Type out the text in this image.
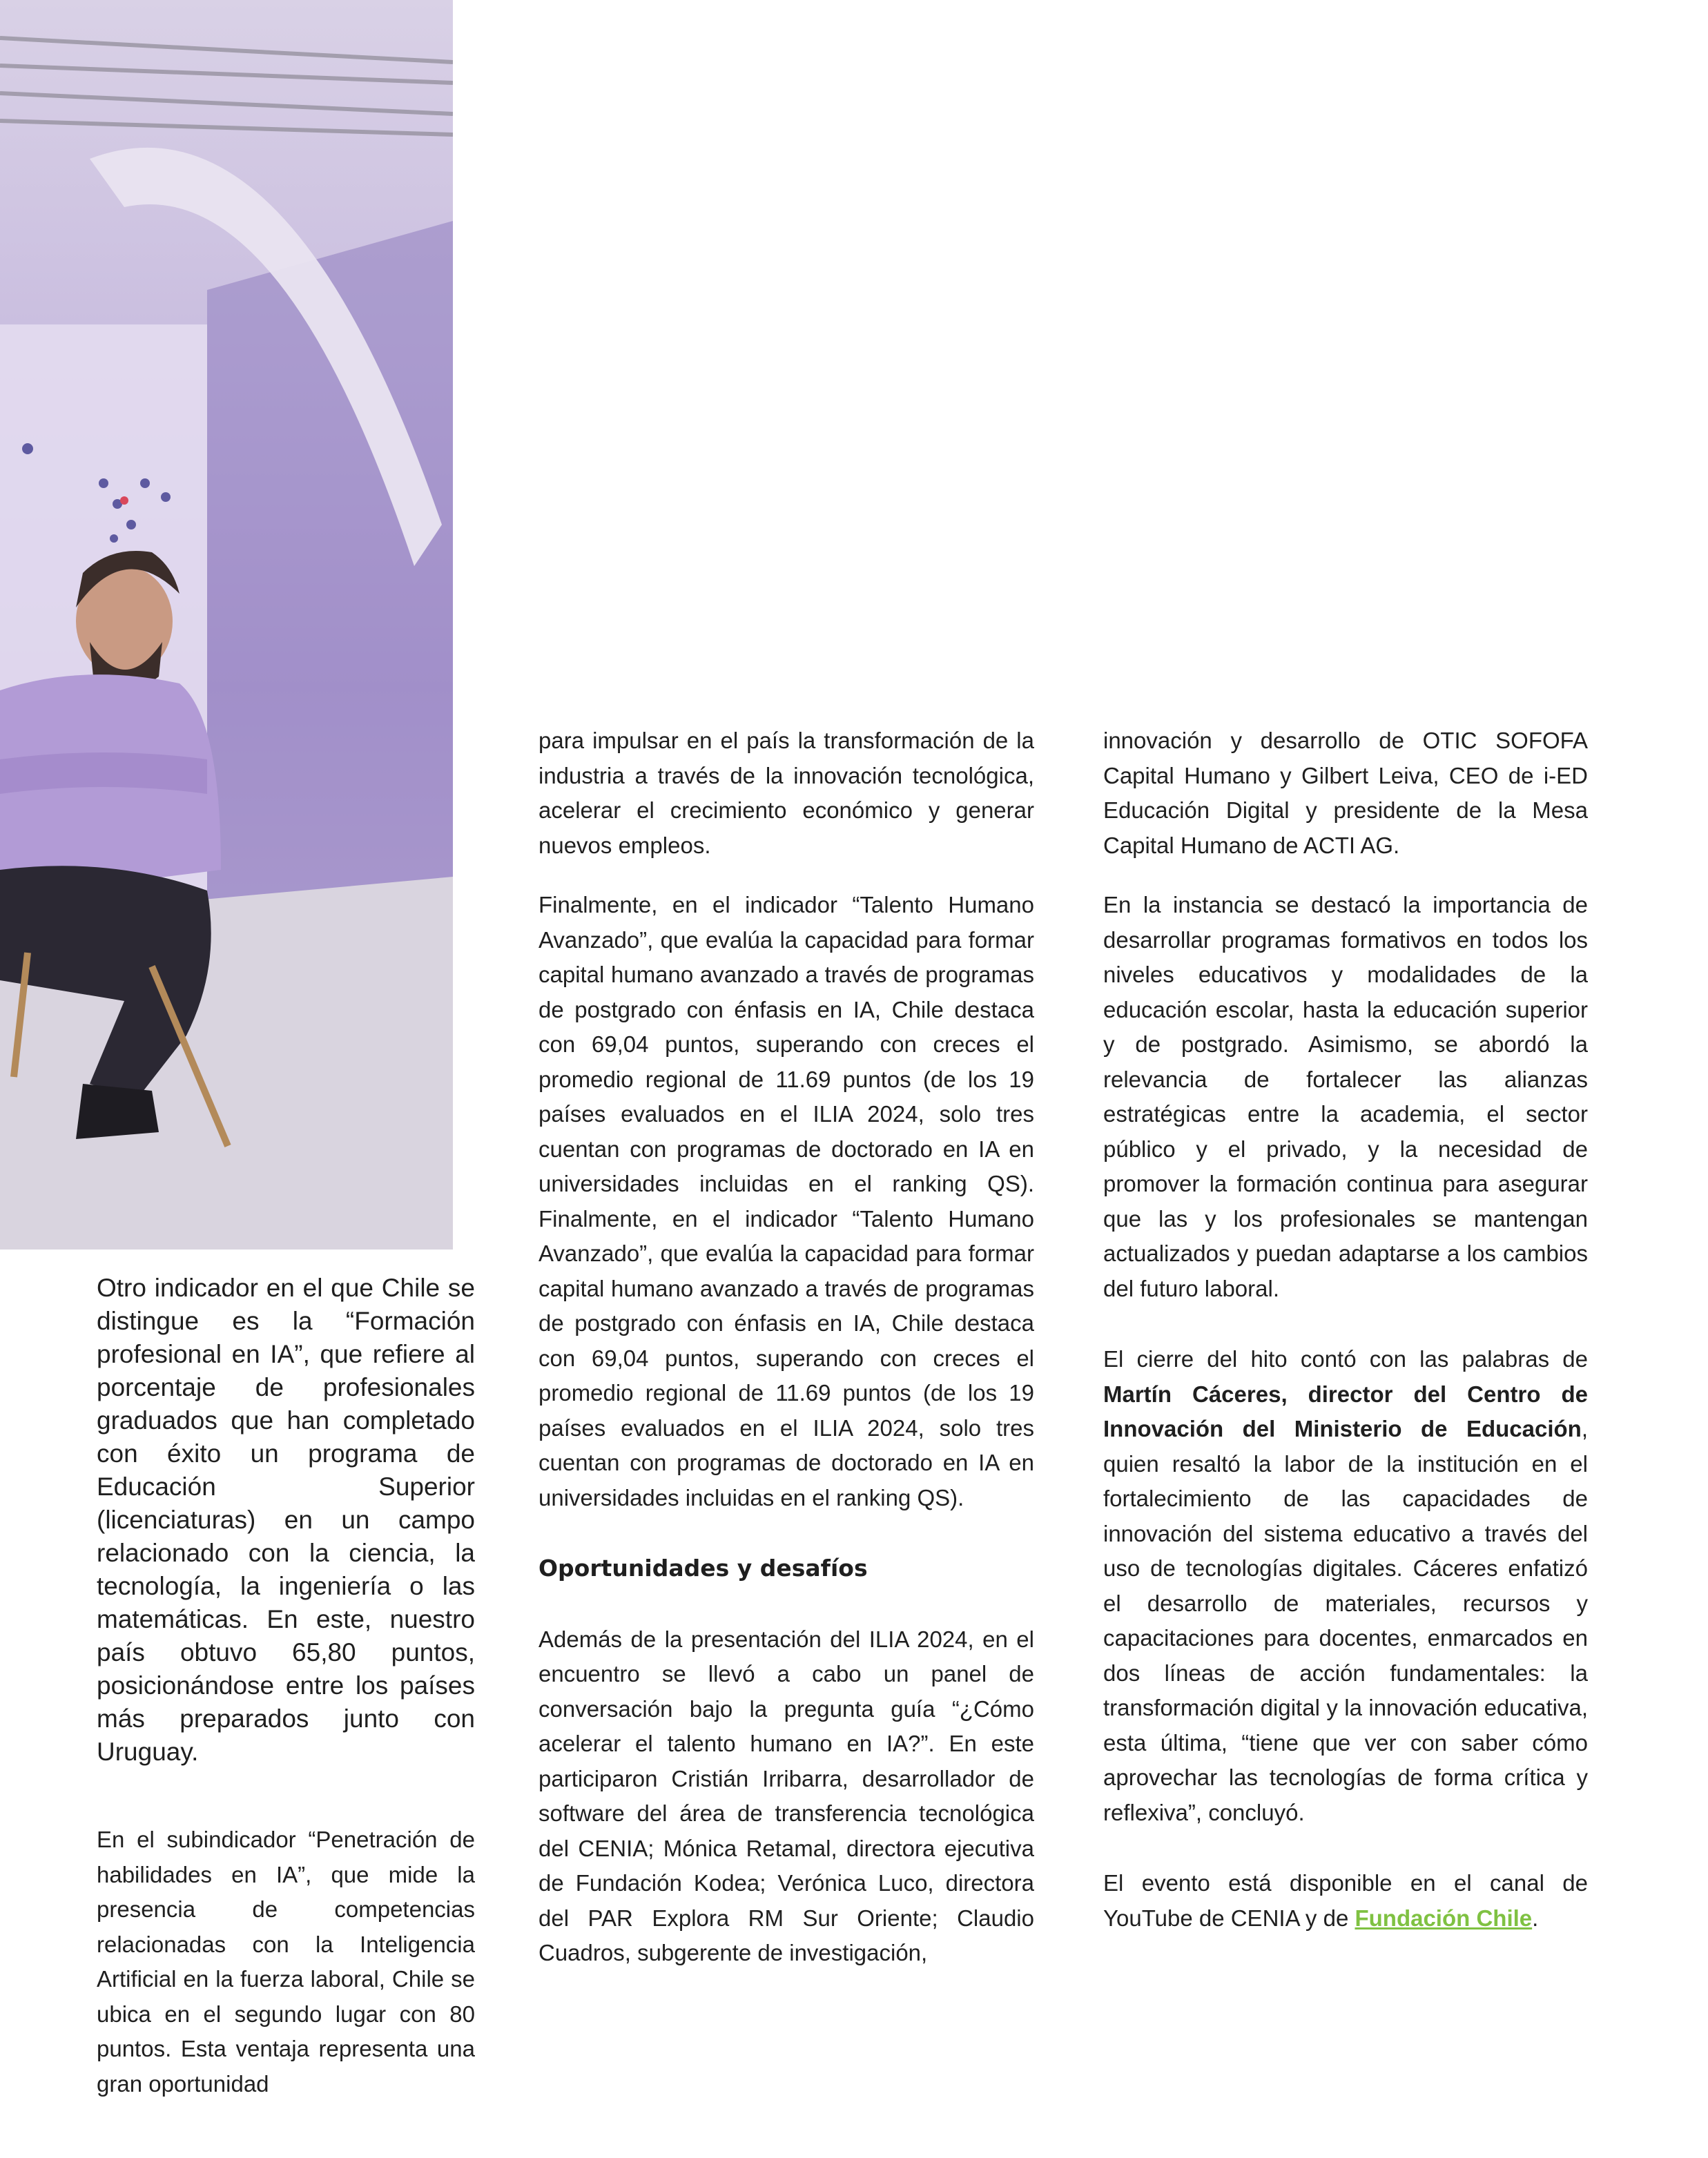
Otro indicador en el que Chile se distingue es la “Formación profesional en IA”, que refiere al porcentaje de profesionales graduados que han completado con éxito un programa de Educación Superior (licenciaturas) en un campo relacionado con la ciencia, la tecnología, la ingeniería o las matemáticas. En este, nuestro país obtuvo 65,80 puntos, posicionándose entre los países más preparados junto con Uruguay.

En el subindicador “Penetración de habilidades en IA”, que mide la presencia de competencias relacionadas con la Inteligencia Artificial en la fuerza laboral, Chile se ubica en el segundo lugar con 80 puntos. Esta ventaja representa una gran oportunidad

para impulsar en el país la transformación de la industria a través de la innovación tecnológica, acelerar el crecimiento económico y generar nuevos empleos.

Finalmente, en el indicador “Talento Humano Avanzado”, que evalúa la capacidad para formar capital humano avanzado a través de programas de postgrado con énfasis en IA, Chile destaca con 69,04 puntos, superando con creces el promedio regional de 11.69 puntos (de los 19 países evaluados en el ILIA 2024, solo tres cuentan con programas de doctorado en IA en universidades incluidas en el ranking QS). Finalmente, en el indicador “Talento Humano Avanzado”, que evalúa la capacidad para formar capital humano avanzado a través de programas de postgrado con énfasis en IA, Chile destaca con 69,04 puntos, superando con creces el promedio regional de 11.69 puntos (de los 19 países evaluados en el ILIA 2024, solo tres cuentan con programas de doctorado en IA en universidades incluidas en el ranking QS).

Oportunidades y desafíos

Además de la presentación del ILIA 2024, en el encuentro se llevó a cabo un panel de conversación bajo la pregunta guía “¿Cómo acelerar el talento humano en IA?”. En este participaron Cristián Irribarra, desarrollador de software del área de transferencia tecnológica del CENIA; Mónica Retamal, directora ejecutiva de Fundación Kodea; Verónica Luco, directora del PAR Explora RM Sur Oriente; Claudio Cuadros, subgerente de investigación,

innovación y desarrollo de OTIC SOFOFA Capital Humano y Gilbert Leiva, CEO de i-ED Educación Digital y presidente de la Mesa Capital Humano de ACTI AG.

En la instancia se destacó la importancia de desarrollar programas formativos en todos los niveles educativos y modalidades de la educación escolar, hasta la educación superior y de postgrado. Asimismo, se abordó la relevancia de fortalecer las alianzas estratégicas entre la academia, el sector público y el privado, y la necesidad de promover la formación continua para asegurar que las y los profesionales se mantengan actualizados y puedan adaptarse a los cambios del futuro laboral.

El cierre del hito contó con las palabras de Martín Cáceres, director del Centro de Innovación del Ministerio de Educación, quien resaltó la labor de la institución en el fortalecimiento de las capacidades de innovación del sistema educativo a través del uso de tecnologías digitales. Cáceres enfatizó el desarrollo de materiales, recursos y capacitaciones para docentes, enmarcados en dos líneas de acción fundamentales: la transformación digital y la innovación educativa, esta última, “tiene que ver con saber cómo aprovechar las tecnologías de forma crítica y reflexiva”, concluyó.

El evento está disponible en el canal de YouTube de CENIA y de Fundación Chile.
